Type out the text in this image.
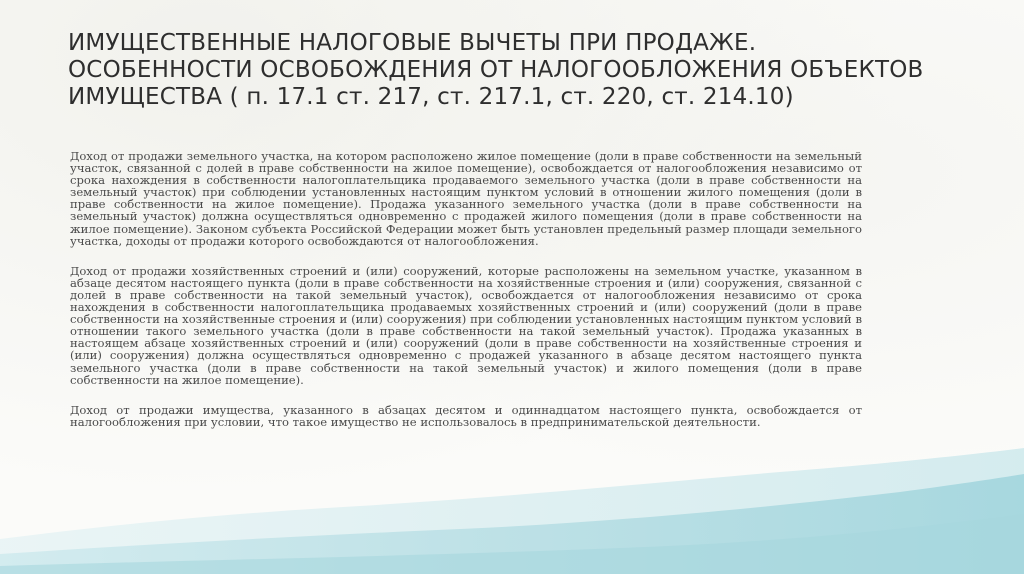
ИМУЩЕСТВЕННЫЕ НАЛОГОВЫЕ ВЫЧЕТЫ ПРИ ПРОДАЖЕ. ОСОБЕННОСТИ ОСВОБОЖДЕНИЯ ОТ НАЛОГООБЛОЖЕНИЯ ОБЪЕКТОВ ИМУЩЕСТВА ( п. 17.1 ст. 217, ст. 217.1, ст. 220, ст. 214.10)

Доход от продажи земельного участка, на котором расположено жилое помещение (доли в праве собственности на земельный участок, связанной с долей в праве собственности на жилое помещение), освобождается от налогообложения независимо от срока нахождения в собственности налогоплательщика продаваемого земельного участка (доли в праве собственности на земельный участок) при соблюдении установленных настоящим пунктом условий в отношении жилого помещения (доли в праве собственности на жилое помещение). Продажа указанного земельного участка (доли в праве собственности на земельный участок) должна осуществляться одновременно с продажей жилого помещения (доли в праве собственности на жилое помещение). Законом субъекта Российской Федерации может быть установлен предельный размер площади земельного участка, доходы от продажи которого освобождаются от налогообложения.

Доход от продажи хозяйственных строений и (или) сооружений, которые расположены на земельном участке, указанном в абзаце десятом настоящего пункта (доли в праве собственности на хозяйственные строения и (или) сооружения, связанной с долей в праве собственности на такой земельный участок), освобождается от налогообложения независимо от срока нахождения в собственности налогоплательщика продаваемых хозяйственных строений и (или) сооружений (доли в праве собственности на хозяйственные строения и (или) сооружения) при соблюдении установленных настоящим пунктом условий в отношении такого земельного участка (доли в праве собственности на такой земельный участок). Продажа указанных в настоящем абзаце хозяйственных строений и (или) сооружений (доли в праве собственности на хозяйственные строения и (или) сооружения) должна осуществляться одновременно с продажей указанного в абзаце десятом настоящего пункта земельного участка (доли в праве собственности на такой земельный участок) и жилого помещения (доли в праве собственности на жилое помещение).

Доход от продажи имущества, указанного в абзацах десятом и одиннадцатом настоящего пункта, освобождается от налогообложения при условии, что такое имущество не использовалось в предпринимательской деятельности.
